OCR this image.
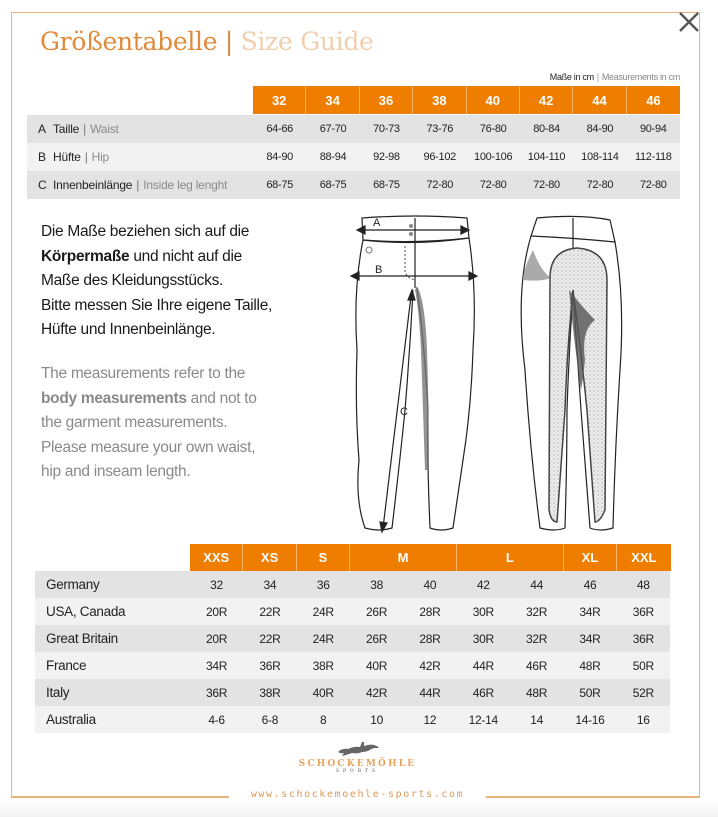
Größentabelle | Size Guide
Maße in cm | Measurements in cm
32	34	36	38	40	42	44	46
A Taille | Waist	64-66	67-70	70-73	73-76	76-80	80-84	84-90	90-94
B Hüfte | Hip	84-90	88-94	92-98	96-102	100-106	104-110	108-114	112-118
C Innenbeinlänge | Inside leg lenght	68-75	68-75	68-75	72-80	72-80	72-80	72-80	72-80
Die Maße beziehen sich auf die
Körpermaße und nicht auf die
Maße des Kleidungsstücks.
Bitte messen Sie Ihre eigene Taille,
Hüfte und Innenbeinlänge.
The measurements refer to the
body measurements and not to
the garment measurements.
Please measure your own waist,
hip and inseam length.
A
B
C
XXS	XS	S	M	L	XL	XXL
Germany	32	34	36	38	40	42	44	46	48
USA, Canada	20R	22R	24R	26R	28R	30R	32R	34R	36R
Great Britain	20R	22R	24R	26R	28R	30R	32R	34R	36R
France	34R	36R	38R	40R	42R	44R	46R	48R	50R
Italy	36R	38R	40R	42R	44R	46R	48R	50R	52R
Australia	4-6	6-8	8	10	12	12-14	14	14-16	16
SCHOCKEMÖHLE
SPORTS
www.schockemoehle-sports.com
